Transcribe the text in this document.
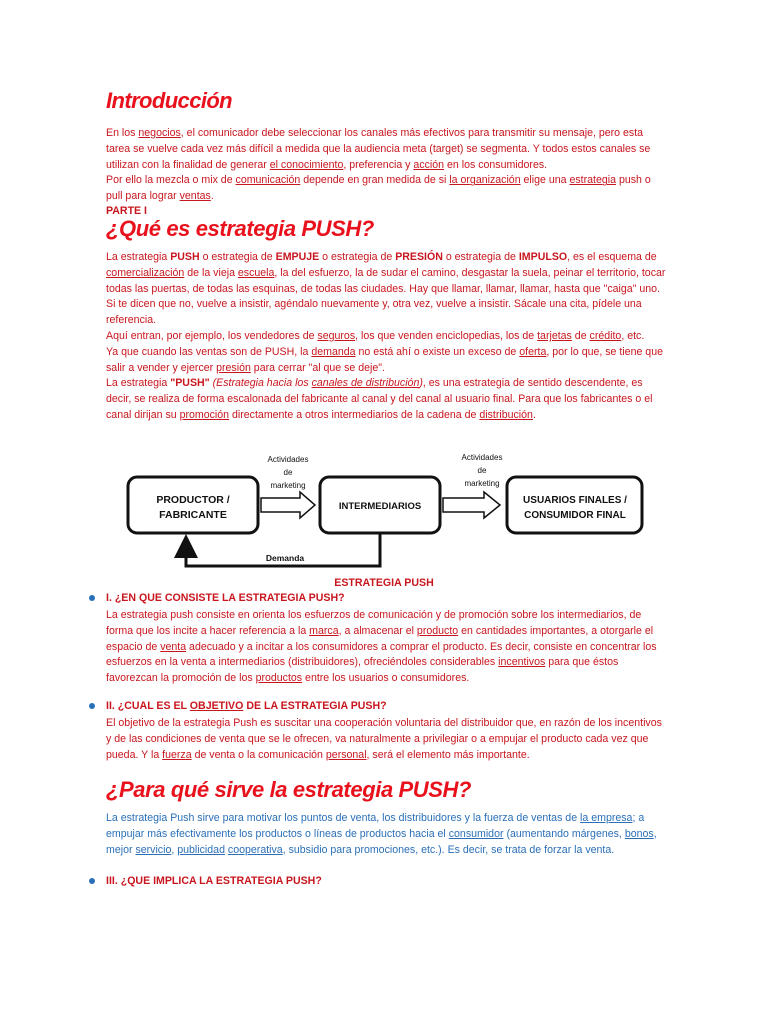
Introducción

En los negocios, el comunicador debe seleccionar los canales más efectivos para transmitir su mensaje, pero esta tarea se vuelve cada vez más difícil a medida que la audiencia meta (target) se segmenta. Y todos estos canales se utilizan con la finalidad de generar el conocimiento, preferencia y acción en los consumidores.
Por ello la mezcla o mix de comunicación depende en gran medida de si la organización elige una estrategia push o pull para lograr ventas.

PARTE I

¿Qué es estrategia PUSH?

La estrategia PUSH o estrategia de EMPUJE o estrategia de PRESIÓN o estrategia de IMPULSO, es el esquema de comercialización de la vieja escuela, la del esfuerzo, la de sudar el camino, desgastar la suela, peinar el territorio, tocar todas las puertas, de todas las esquinas, de todas las ciudades. Hay que llamar, llamar, llamar, hasta que "caiga" uno. Si te dicen que no, vuelve a insistir, agéndalo nuevamente y, otra vez, vuelve a insistir. Sácale una cita, pídele una referencia.
Aquí entran, por ejemplo, los vendedores de seguros, los que venden enciclopedias, los de tarjetas de crédito, etc.
Ya que cuando las ventas son de PUSH, la demanda no está ahí o existe un exceso de oferta, por lo que, se tiene que salir a vender y ejercer presión para cerrar "al que se deje".
La estrategia "PUSH" (Estrategia hacia los canales de distribución), es una estrategia de sentido descendente, es decir, se realiza de forma escalonada del fabricante al canal y del canal al usuario final. Para que los fabricantes o el canal dirijan su promoción directamente a otros intermediarios de la cadena de distribución.

PRODUCTOR /
FABRICANTE
INTERMEDIARIOS
USUARIOS FINALES /
CONSUMIDOR FINAL
Actividades
de
marketing
Actividades
de
marketing
Demanda

ESTRATEGIA PUSH

I. ¿EN QUE CONSISTE LA ESTRATEGIA PUSH?

La estrategia push consiste en orienta los esfuerzos de comunicación y de promoción sobre los intermediarios, de forma que los incite a hacer referencia a la marca, a almacenar el producto en cantidades importantes, a otorgarle el espacio de venta adecuado y a incitar a los consumidores a comprar el producto. Es decir, consiste en concentrar los esfuerzos en la venta a intermediarios (distribuidores), ofreciéndoles considerables incentivos para que éstos favorezcan la promoción de los productos entre los usuarios o consumidores.

II. ¿CUAL ES EL OBJETIVO DE LA ESTRATEGIA PUSH?

El objetivo de la estrategia Push es suscitar una cooperación voluntaria del distribuidor que, en razón de los incentivos y de las condiciones de venta que se le ofrecen, va naturalmente a privilegiar o a empujar el producto cada vez que pueda. Y la fuerza de venta o la comunicación personal, será el elemento más importante.

¿Para qué sirve la estrategia PUSH?

La estrategia Push sirve para motivar los puntos de venta, los distribuidores y la fuerza de ventas de la empresa; a empujar más efectivamente los productos o líneas de productos hacia el consumidor (aumentando márgenes, bonos, mejor servicio, publicidad cooperativa, subsidio para promociones, etc.). Es decir, se trata de forzar la venta.

III. ¿QUE IMPLICA LA ESTRATEGIA PUSH?
